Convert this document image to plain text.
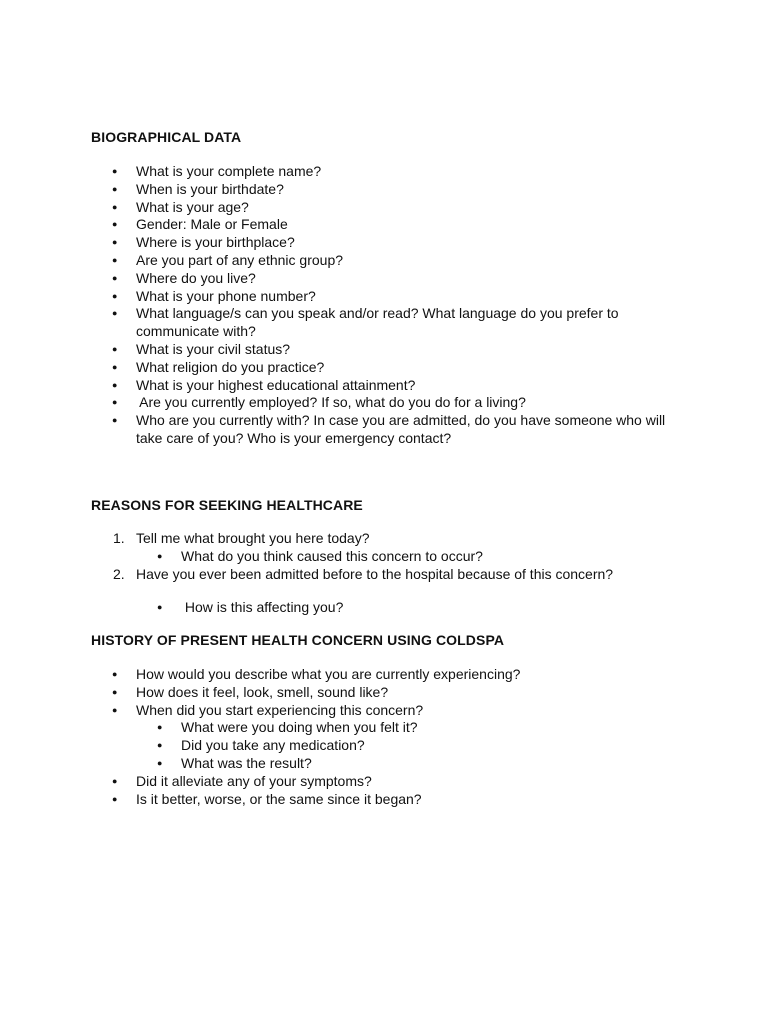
BIOGRAPHICAL DATA
● What is your complete name?
● When is your birthdate?
● What is your age?
● Gender: Male or Female
● Where is your birthplace?
● Are you part of any ethnic group?
● Where do you live?
● What is your phone number?
● What language/s can you speak and/or read? What language do you prefer to communicate with?
● What is your civil status?
● What religion do you practice?
● What is your highest educational attainment?
● Are you currently employed? If so, what do you do for a living?
● Who are you currently with? In case you are admitted, do you have someone who will take care of you? Who is your emergency contact?
REASONS FOR SEEKING HEALTHCARE
1. Tell me what brought you here today?
● What do you think caused this concern to occur?
2. Have you ever been admitted before to the hospital because of this concern?
● How is this affecting you?
HISTORY OF PRESENT HEALTH CONCERN USING COLDSPA
● How would you describe what you are currently experiencing?
● How does it feel, look, smell, sound like?
● When did you start experiencing this concern?
● What were you doing when you felt it?
● Did you take any medication?
● What was the result?
● Did it alleviate any of your symptoms?
● Is it better, worse, or the same since it began?
